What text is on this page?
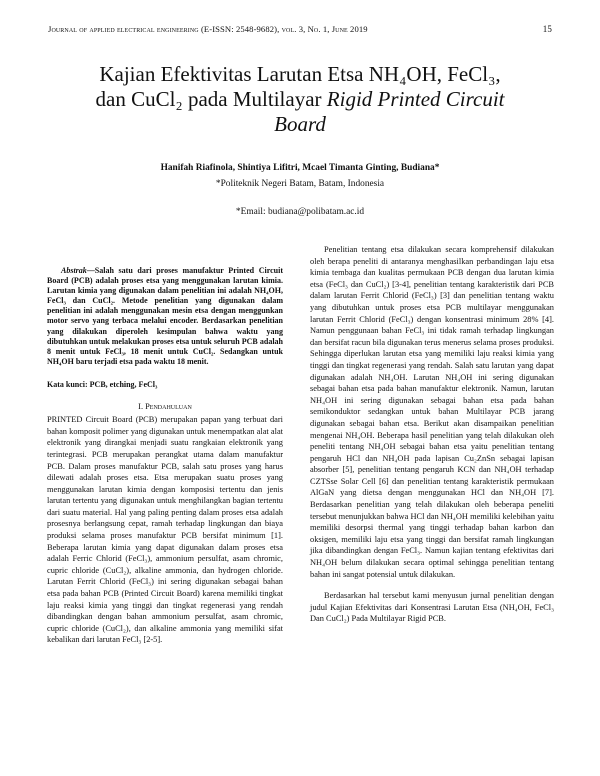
Journal of applied electrical engineering (E-ISSN: 2548-9682), vol. 3, No. 1, June 2019	15
Kajian Efektivitas Larutan Etsa NH₄OH, FeCl₃,
dan CuCl₂ pada Multilayar Rigid Printed Circuit
Board
Hanifah Riafinola, Shintiya Lifitri, Mcael Timanta Ginting, Budiana*
*Politeknik Negeri Batam, Batam, Indonesia
*Email: budiana@polibatam.ac.id

Abstrak—Salah satu dari proses manufaktur Printed Circuit Board (PCB) adalah proses etsa yang menggunakan larutan kimia. Larutan kimia yang digunakan dalam penelitian ini adalah NH₄OH, FeCl₃ dan CuCl₂. Metode penelitian yang digunakan dalam penelitian ini adalah menggunakan mesin etsa dengan menggunkan motor servo yang terbaca melalui encoder. Berdasarkan penelitian yang dilakukan diperoleh kesimpulan bahwa waktu yang dibutuhkan untuk melakukan proses etsa untuk seluruh PCB adalah 8 menit untuk FeCl₃, 18 menit untuk CuCl₂. Sedangkan untuk NH₄OH baru terjadi etsa pada waktu 18 menit.

Kata kunci: PCB, etching, FeCl₃
I. Pendahuluan

PRINTED Circuit Board (PCB) merupakan papan yang terbuat dari bahan komposit polimer yang digunakan untuk menempatkan alat alat elektronik yang dirangkai menjadi suatu rangkaian elektronik yang terintegrasi. PCB merupakan perangkat utama dalam manufaktur PCB. Dalam proses manufaktur PCB, salah satu proses yang harus dilewati adalah proses etsa. Etsa merupakan suatu proses yang menggunakan larutan kimia dengan komposisi tertentu dan jenis larutan tertentu yang digunakan untuk menghilangkan bagian tertentu dari suatu material. Hal yang paling penting dalam proses etsa adalah prosesnya berlangsung cepat, ramah terhadap lingkungan dan biaya produksi selama proses manufaktur PCB bersifat minimum [1]. Beberapa larutan kimia yang dapat digunakan dalam proses etsa adalah Ferric Chlorid (FeCl₃), ammonium persulfat, asam chromic, cupric chloride (CuCl₂), alkaline ammonia, dan hydrogen chloride. Larutan Ferrit Chlorid (FeCl₃) ini sering digunakan sebagai bahan etsa pada bahan PCB (Printed Circuit Board) karena memiliki tingkat laju reaksi kimia yang tinggi dan tingkat regenerasi yang rendah dibandingkan dengan bahan ammonium persulfat, asam chromic, cupric chloride (CuCl₂), dan alkaline ammonia yang memiliki sifat kebalikan dari larutan FeCl₃ [2-5].

Penelitian tentang etsa dilakukan secara komprehensif dilakukan oleh berapa peneliti di antaranya menghasilkan perbandingan laju etsa kimia tembaga dan kualitas permukaan PCB dengan dua larutan kimia etsa (FeCl₃ dan CuCl₂) [3-4], penelitian tentang karakteristik dari PCB dalam larutan Ferrit Chlorid (FeCl₃) [3] dan penelitian tentang waktu yang dibutuhkan untuk proses etsa PCB multilayar menggunakan larutan Ferrit Chlorid (FeCl₃) dengan konsentrasi minimum 28% [4]. Namun penggunaan bahan FeCl₃ ini tidak ramah terhadap lingkungan dan bersifat racun bila digunakan terus menerus selama proses produksi. Sehingga diperlukan larutan etsa yang memiliki laju reaksi kimia yang tinggi dan tingkat regenerasi yang rendah. Salah satu larutan yang dapat digunakan adalah NH₄OH. Larutan NH₄OH ini sering digunakan sebagai bahan etsa pada bahan manufaktur elektronik. Namun, larutan NH₄OH ini sering digunakan sebagai bahan etsa pada bahan semikonduktor sedangkan untuk bahan Multilayar PCB jarang digunakan sebagai bahan etsa. Berikut akan disampaikan penelitian mengenai NH₄OH. Beberapa hasil penelitian yang telah dilakukan oleh peneliti tentang NH₄OH sebagai bahan etsa yaitu penelitian tentang pengaruh HCl dan NH₄OH pada lapisan Cu₂ZnSn sebagai lapisan absorber [5], penelitian tentang pengaruh KCN dan NH₄OH terhadap CZTSse Solar Cell [6] dan penelitian tentang karakteristik permukaan AlGaN yang dietsa dengan menggunakan HCl dan NH₄OH [7]. Berdasarkan penelitian yang telah dilakukan oleh beberapa peneliti tersebut menunjukkan bahwa HCl dan NH₄OH memiliki kelebihan yaitu memiliki desorpsi thermal yang tinggi terhadap bahan karbon dan oksigen, memiliki laju etsa yang tinggi dan bersifat ramah lingkungan jika dibandingkan dengan FeCl₃. Namun kajian tentang efektivitas dari NH₄OH belum dilakukan secara optimal sehingga penelitian tentang bahan ini sangat potensial untuk dilakukan.

Berdasarkan hal tersebut kami menyusun jurnal penelitian dengan judul Kajian Efektivitas dari Konsentrasi Larutan Etsa (NH₄OH, FeCl₃ Dan CuCl₂) Pada Multilayar Rigid PCB.
